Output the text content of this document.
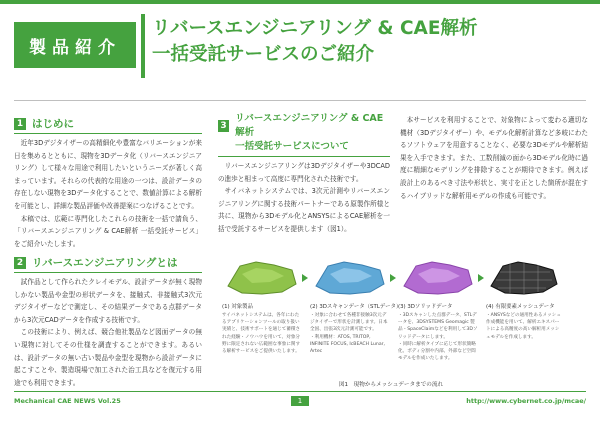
製品紹介
リバースエンジニアリング & CAE解析
一括受託サービスのご紹介
1 はじめに

近年3Dデジタイザーの高精細化や豊富なバリエーションが来日を集めるとともに、現物を3Dデータ化（リバースエンジニアリング）して様々な用途で利用したいというニーズが著しく高まっています。それらの代表的な用途の一つは、設計データの存在しない現物を3Dデータ化することで、数値計算による解析を可能とし、詳細な製品評価や改善提案につなげることです。

本稿では、広範に専門化したこれらの技術を一括で請負う、「リバースエンジニアリング & CAE解析 一括受託サービス」をご紹介いたします。

2 リバースエンジニアリングとは

試作品として作られたクレイモデル、設計データが無く現物しかない製品や金型の形状データを、接触式、非接触式3次元デジタイザーなどで測定し、その結果データである点群データから3次元CADデータを作成する技術です。

この技術により、例えば、競合他社製品など図面データの無い現物に対してその仕様を調査することができます。あるいは、設計データの無い古い製品や金型を現物から設計データに起こすことや、製造現場で加工された治工具などを復元する用途でも利用できます。

3
リバースエンジニアリング & CAE解析
一括受託サービスについて

リバースエンジニアリングは3Dデジタイザーや3DCADの進歩と相まって高度に専門化された技術です。

サイバネットシステムでは、3次元計測やリバースエンジニアリングに関する技術パートナーである原製作所様と共に、現物から3Dモデル化とANSYSによるCAE解析を一括で受託するサービスを提供します（図1）。

本サービスを利用することで、対象物によって変わる適切な機材（3Dデジタイザー）や、モデル化解析計算など多岐にわたるソフトウェアを用意することなく、必要な3Dモデルや解析結果を入手できます。また、工数削減の面から3Dモデル化時に過度に精細なモデリングを排除することが期待できます。例えば設計上のあるべき寸法や形状と、実寸を正とした箇所が混在するハイブリッドな解析用モデルの作成も可能です。

(1) 対象製品
サイバネットシステムは、各年にわたるアプリケーションツールの取り扱い実績と、技術サポートを通じて蓄積された経験・ノウハウを用いて、対象分野に限定されない広範囲な事象に関する解析サービスをご提供いたします。
(2) 3Dスキャンデータ（STLデータ）
・対象に合わせて各種非接触3次元デジタイザーで形状を計測します。日本全国、出張3次元計測可能です。
・利用機材：ATOS, TRITOP, INFINITE FOCUS, IcBEACH Lunar, Artec
(3) 3Dソリッドデータ
・3Dスキャンした点群データ、STLデータを、3DSYSTEMS Geomagic 製品・SpaceClaimなどを利用して3Dソリッドデータにします。
・同時に解析タイプに応じて形状簡略化、ボディ分割や内部、外部など空間モデルを作成いたします。
(4) 有限要素メッシュデータ
・ANSYSなどの通用性あるメッシュ作成機能を用いて、解析エキスパートによる高精度の高い解析用メッシュモデルを作成します。
図1　現物からメッシュデータまでの流れ
Mechanical CAE NEWS Vol.25	1	http://www.cybernet.co.jp/mcae/
